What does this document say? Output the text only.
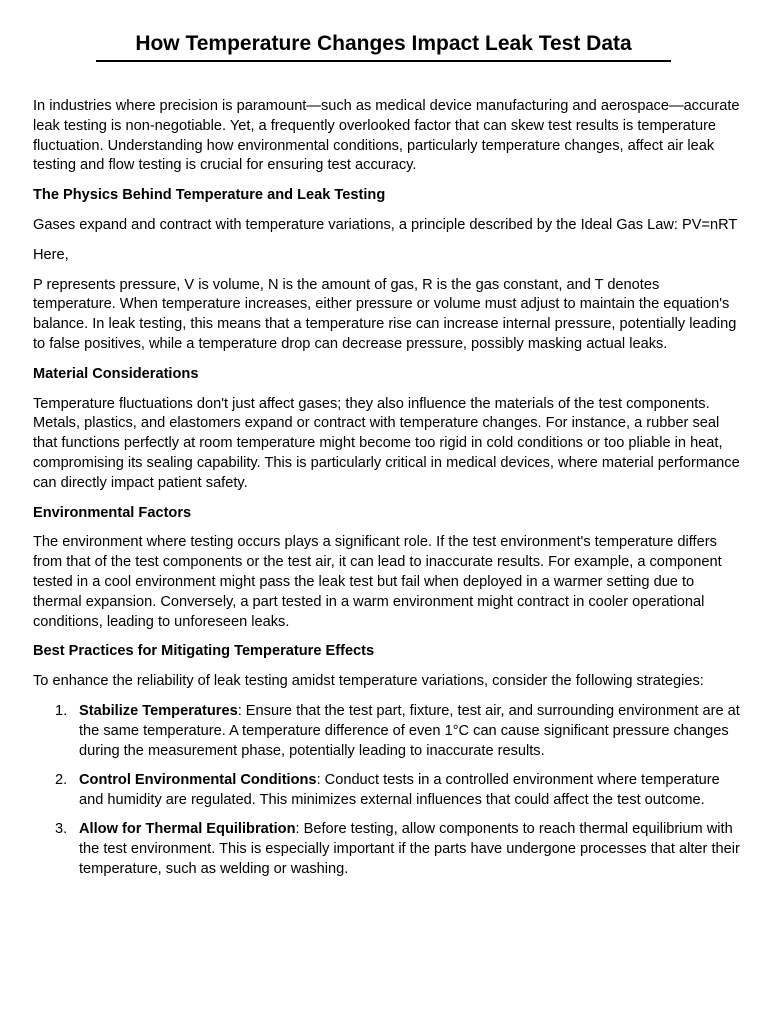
How Temperature Changes Impact Leak Test Data

In industries where precision is paramount—such as medical device manufacturing and aerospace—accurate leak testing is non-negotiable. Yet, a frequently overlooked factor that can skew test results is temperature fluctuation. Understanding how environmental conditions, particularly temperature changes, affect air leak testing and flow testing is crucial for ensuring test accuracy.

The Physics Behind Temperature and Leak Testing

Gases expand and contract with temperature variations, a principle described by the Ideal Gas Law: PV=nRT

Here,

P represents pressure, V is volume, N is the amount of gas, R is the gas constant, and T denotes temperature. When temperature increases, either pressure or volume must adjust to maintain the equation's balance. In leak testing, this means that a temperature rise can increase internal pressure, potentially leading to false positives, while a temperature drop can decrease pressure, possibly masking actual leaks.

Material Considerations

Temperature fluctuations don't just affect gases; they also influence the materials of the test components. Metals, plastics, and elastomers expand or contract with temperature changes. For instance, a rubber seal that functions perfectly at room temperature might become too rigid in cold conditions or too pliable in heat, compromising its sealing capability. This is particularly critical in medical devices, where material performance can directly impact patient safety.

Environmental Factors

The environment where testing occurs plays a significant role. If the test environment's temperature differs from that of the test components or the test air, it can lead to inaccurate results. For example, a component tested in a cool environment might pass the leak test but fail when deployed in a warmer setting due to thermal expansion. Conversely, a part tested in a warm environment might contract in cooler operational conditions, leading to unforeseen leaks.

Best Practices for Mitigating Temperature Effects

To enhance the reliability of leak testing amidst temperature variations, consider the following strategies:

1. Stabilize Temperatures: Ensure that the test part, fixture, test air, and surrounding environment are at the same temperature. A temperature difference of even 1°C can cause significant pressure changes during the measurement phase, potentially leading to inaccurate results.
2. Control Environmental Conditions: Conduct tests in a controlled environment where temperature and humidity are regulated. This minimizes external influences that could affect the test outcome.
3. Allow for Thermal Equilibration: Before testing, allow components to reach thermal equilibrium with the test environment. This is especially important if the parts have undergone processes that alter their temperature, such as welding or washing.
